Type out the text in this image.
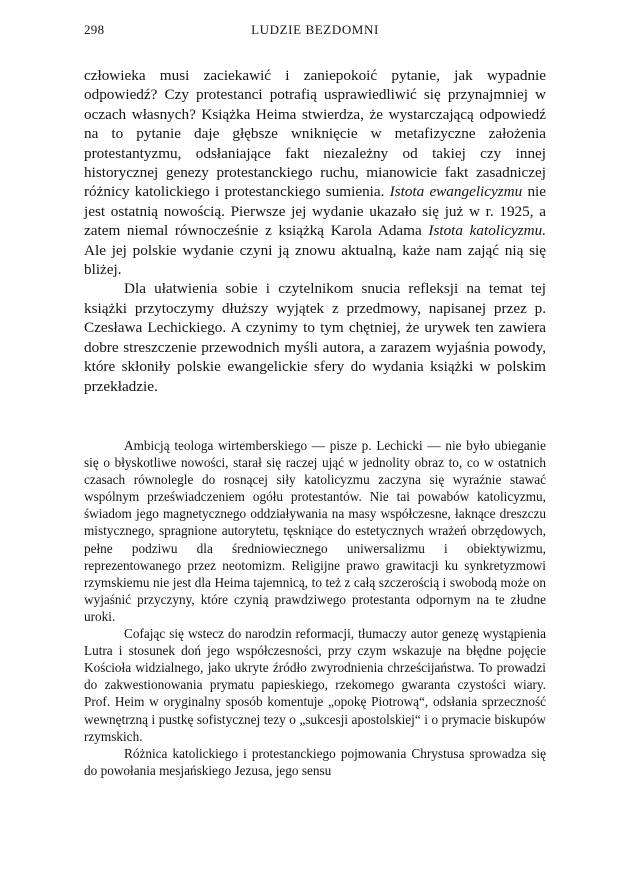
298	LUDZIE BEZDOMNI

człowieka musi zaciekawić i zaniepokoić pytanie, jak wypadnie odpowiedź? Czy protestanci potrafią usprawiedliwić się przynajmniej w oczach własnych? Książka Heima stwierdza, że wystarczającą odpowiedź na to pytanie daje głębsze wniknięcie w metafizyczne założenia protestantyzmu, odsłaniające fakt niezależny od takiej czy innej historycznej genezy protestanckiego ruchu, mianowicie fakt zasadniczej różnicy katolickiego i protestanckiego sumienia. Istota ewangelicyzmu nie jest ostatnią nowością. Pierwsze jej wydanie ukazało się już w r. 1925, a zatem niemal równocześnie z książką Karola Adama Istota katolicyzmu. Ale jej polskie wydanie czyni ją znowu aktualną, każe nam zająć nią się bliżej.

Dla ułatwienia sobie i czytelnikom snucia refleksji na temat tej książki przytoczymy dłuższy wyjątek z przedmowy, napisanej przez p. Czesława Lechickiego. A czynimy to tym chętniej, że urywek ten zawiera dobre streszczenie przewodnich myśli autora, a zarazem wyjaśnia powody, które skłoniły polskie ewangelickie sfery do wydania książki w polskim przekładzie.

Ambicją teologa wirtemberskiego — pisze p. Lechicki — nie było ubieganie się o błyskotliwe nowości, starał się raczej ująć w jednolity obraz to, co w ostatnich czasach równolegle do rosnącej siły katolicyzmu zaczyna się wyraźnie stawać wspólnym przeświadczeniem ogółu protestantów. Nie tai powabów katolicyzmu, świadom jego magnetycznego oddziaływania na masy współczesne, łaknące dreszczu mistycznego, spragnione autorytetu, tęskniące do estetycznych wrażeń obrzędowych, pełne podziwu dla średniowiecznego uniwersalizmu i obiektywizmu, reprezentowanego przez neotomizm. Religijne prawo grawitacji ku synkretyzmowi rzymskiemu nie jest dla Heima tajemnicą, to też z całą szczerością i swobodą może on wyjaśnić przyczyny, które czynią prawdziwego protestanta odpornym na te złudne uroki.

Cofając się wstecz do narodzin reformacji, tłumaczy autor genezę wystąpienia Lutra i stosunek doń jego współczesności, przy czym wskazuje na błędne pojęcie Kościoła widzialnego, jako ukryte źródło zwyrodnienia chrześcijaństwa. To prowadzi do zakwestionowania prymatu papieskiego, rzekomego gwaranta czystości wiary. Prof. Heim w oryginalny sposób komentuje „opokę Piotrową“, odsłania sprzeczność wewnętrzną i pustkę sofistycznej tezy o „sukcesji apostolskiej“ i o prymacie biskupów rzymskich.

Różnica katolickiego i protestanckiego pojmowania Chrystusa sprowadza się do powołania mesjańskiego Jezusa, jego sensu
